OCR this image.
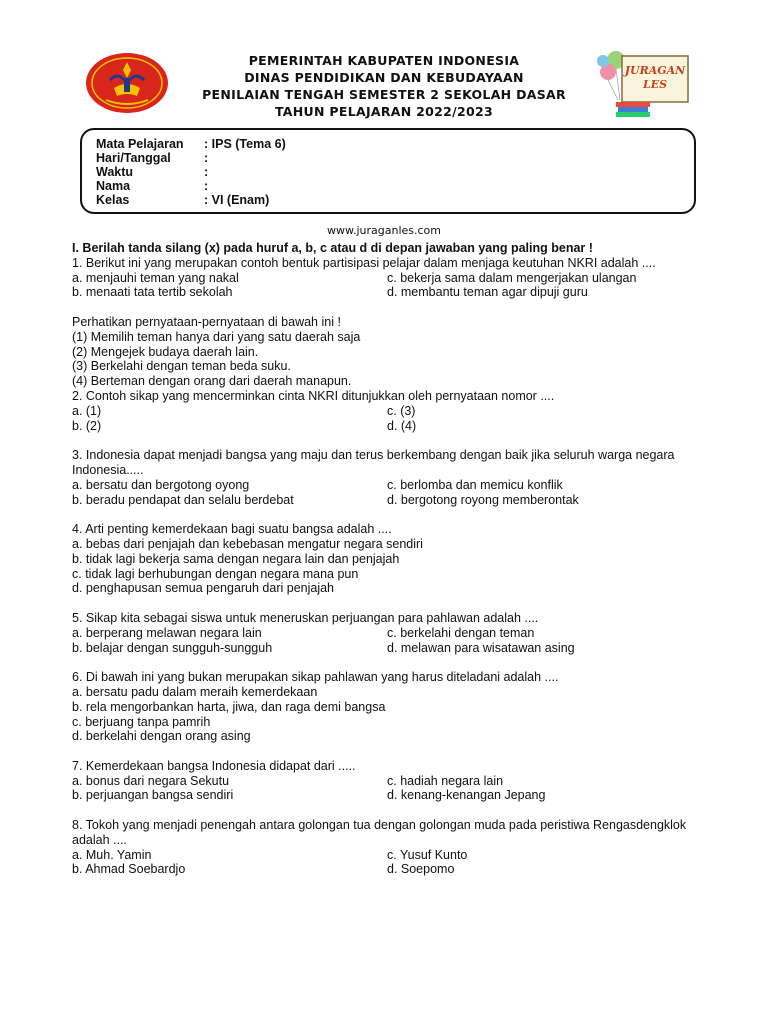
PEMERINTAH KABUPATEN INDONESIA
DINAS PENDIDIKAN DAN KEBUDAYAAN
PENILAIAN TENGAH SEMESTER 2 SEKOLAH DASAR
TAHUN PELAJARAN 2022/2023
JURAGAN
LES
Mata Pelajaran : IPS (Tema 6)
Hari/Tanggal	:
Waktu	:
Nama	:
Kelas	: VI (Enam)
www.juraganles.com
I. Berilah tanda silang (x) pada huruf a, b, c atau d di depan jawaban yang paling benar !
1. Berikut ini yang merupakan contoh bentuk partisipasi pelajar dalam menjaga keutuhan NKRI adalah ....
a. menjauhi teman yang nakal	c. bekerja sama dalam mengerjakan ulangan
b. menaati tata tertib sekolah	d. membantu teman agar dipuji guru
Perhatikan pernyataan-pernyataan di bawah ini !
(1) Memilih teman hanya dari yang satu daerah saja
(2) Mengejek budaya daerah lain.
(3) Berkelahi dengan teman beda suku.
(4) Berteman dengan orang dari daerah manapun.
2. Contoh sikap yang mencerminkan cinta NKRI ditunjukkan oleh pernyataan nomor ....
a. (1)	c. (3)
b. (2)	d. (4)
3. Indonesia dapat menjadi bangsa yang maju dan terus berkembang dengan baik jika seluruh warga negara Indonesia.....
a. bersatu dan bergotong oyong	c. berlomba dan memicu konflik
b. beradu pendapat dan selalu berdebat	d. bergotong royong memberontak
4. Arti penting kemerdekaan bagi suatu bangsa adalah ....
a. bebas dari penjajah dan kebebasan mengatur negara sendiri
b. tidak lagi bekerja sama dengan negara lain dan penjajah
c. tidak lagi berhubungan dengan negara mana pun
d. penghapusan semua pengaruh dari penjajah
5. Sikap kita sebagai siswa untuk meneruskan perjuangan para pahlawan adalah ....
a. berperang melawan negara lain	c. berkelahi dengan teman
b. belajar dengan sungguh-sungguh	d. melawan para wisatawan asing
6. Di bawah ini yang bukan merupakan sikap pahlawan yang harus diteladani adalah ....
a. bersatu padu dalam meraih kemerdekaan
b. rela mengorbankan harta, jiwa, dan raga demi bangsa
c. berjuang tanpa pamrih
d. berkelahi dengan orang asing
7. Kemerdekaan bangsa Indonesia didapat dari .....
a. bonus dari negara Sekutu	c. hadiah negara lain
b. perjuangan bangsa sendiri	d. kenang-kenangan Jepang
8. Tokoh yang menjadi penengah antara golongan tua dengan golongan muda pada peristiwa Rengasdengklok adalah ....
a. Muh. Yamin	c. Yusuf Kunto
b. Ahmad Soebardjo	d. Soepomo
